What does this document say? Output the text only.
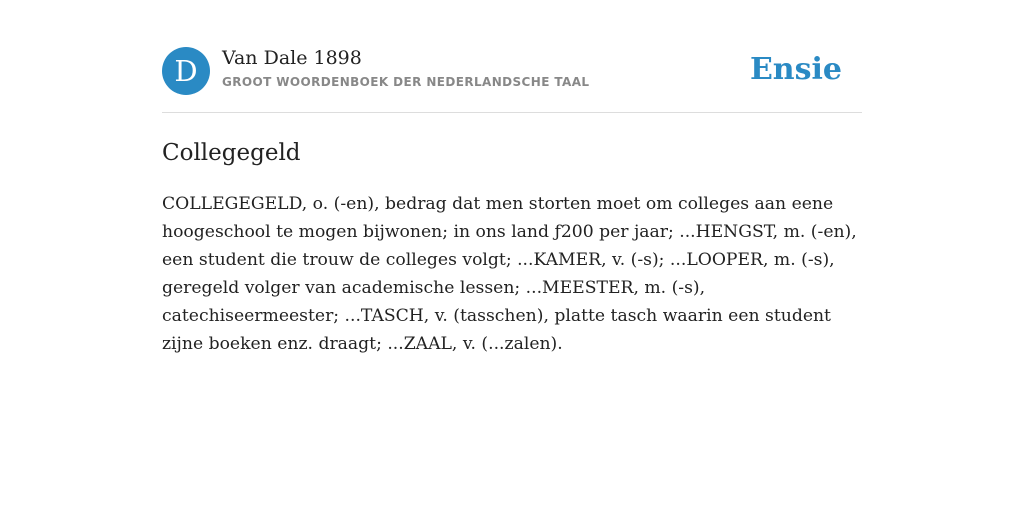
D	Van Dale 1898
GROOT WOORDENBOEK DER NEDERLANDSCHE TAAL	Ensie
Collegegeld

COLLEGEGELD, o. (-en), bedrag dat men storten moet om colleges aan eene hoogeschool te mogen bijwonen; in ons land ƒ200 per jaar; ...HENGST, m. (-en), een student die trouw de colleges volgt; ...KAMER, v. (-s); ...LOOPER, m. (-s), geregeld volger van academische lessen; ...MEESTER, m. (-s), catechiseermeester; ...TASCH, v. (tasschen), platte tasch waarin een student zijne boeken enz. draagt; ...ZAAL, v. (...zalen).
